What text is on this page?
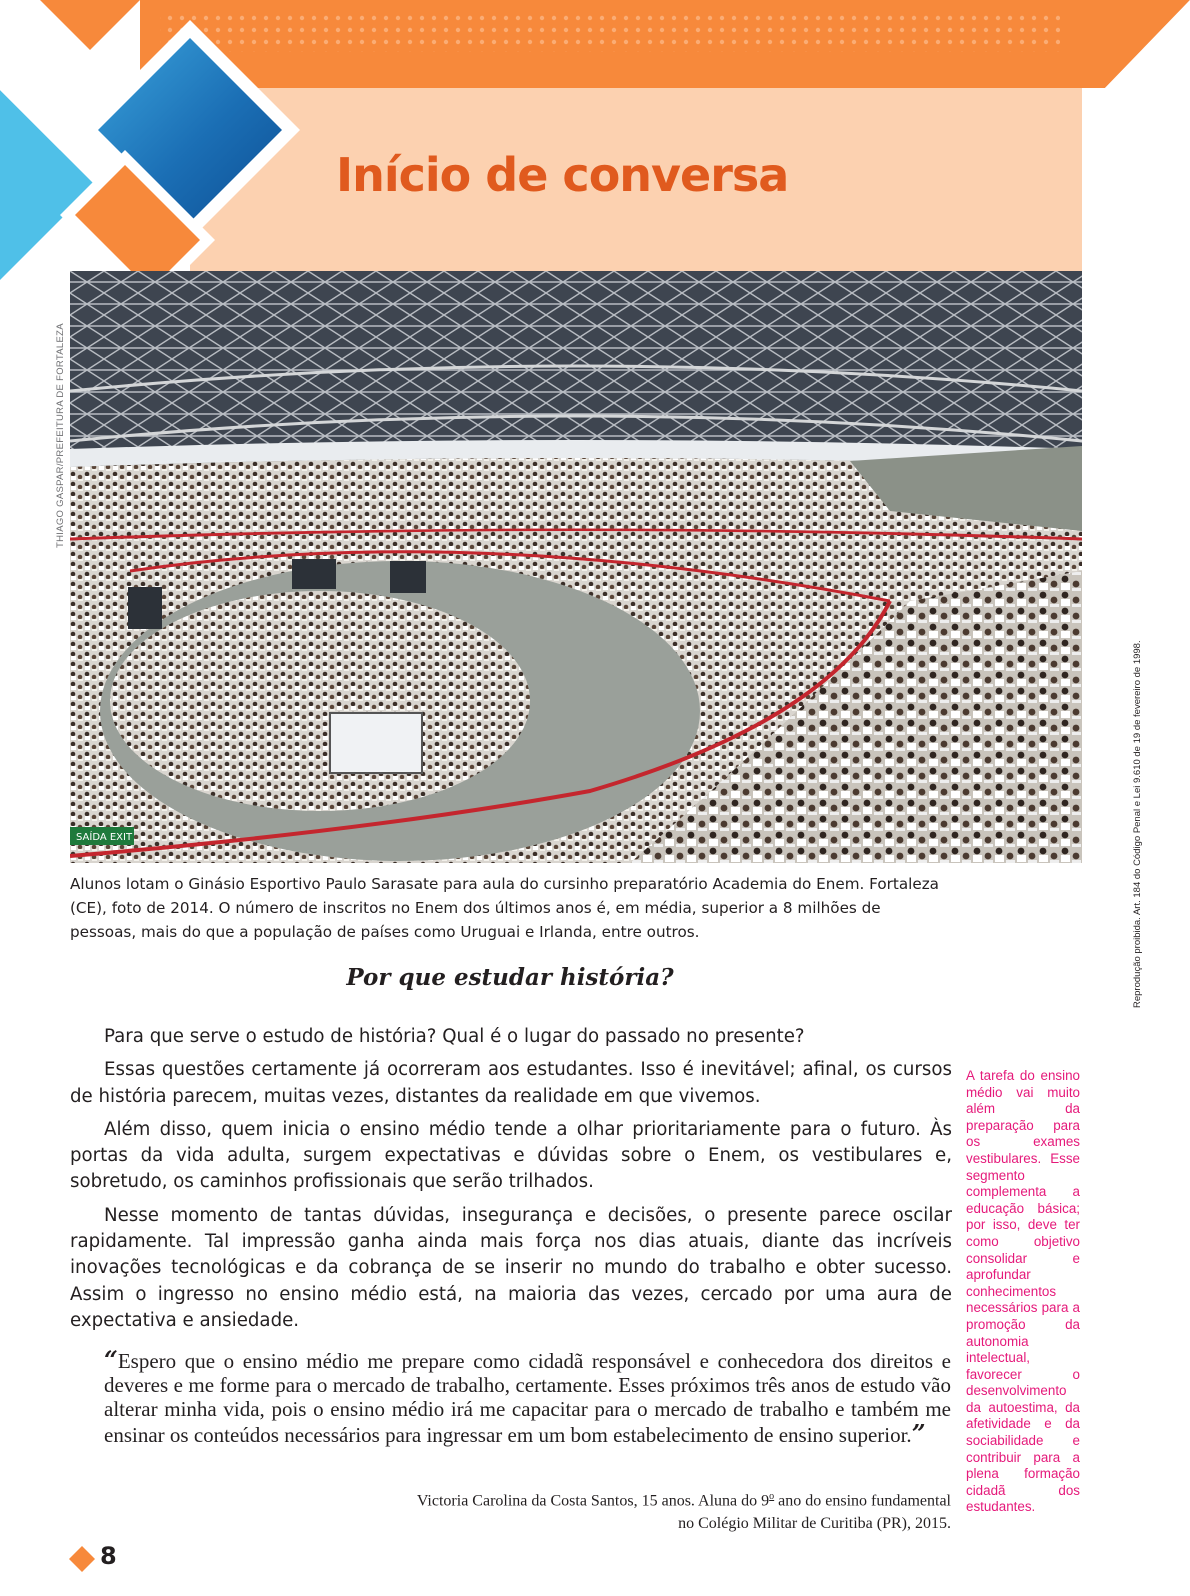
Início de conversa
SAÍDA EXIT
THIAGO GASPAR/PREFEITURA DE FORTALEZA
Reprodução proibida. Art. 184 do Código Penal e Lei 9.610 de 19 de fevereiro de 1998.

Alunos lotam o Ginásio Esportivo Paulo Sarasate para aula do cursinho preparatório Academia do Enem. Fortaleza (CE), foto de 2014. O número de inscritos no Enem dos últimos anos é, em média, superior a 8 milhões de pessoas, mais do que a população de países como Uruguai e Irlanda, entre outros.

Por que estudar história?

Para que serve o estudo de história? Qual é o lugar do passado no presente?

Essas questões certamente já ocorreram aos estudantes. Isso é inevitável; afinal, os cursos de história parecem, muitas vezes, distantes da realidade em que vivemos.

Além disso, quem inicia o ensino médio tende a olhar prioritariamente para o futuro. Às portas da vida adulta, surgem expectativas e dúvidas sobre o Enem, os vestibulares e, sobretudo, os caminhos profissionais que serão trilhados.

Nesse momento de tantas dúvidas, insegurança e decisões, o presente parece oscilar rapidamente. Tal impressão ganha ainda mais força nos dias atuais, diante das incríveis inovações tecnológicas e da cobrança de se inserir no mundo do trabalho e obter sucesso. Assim o ingresso no ensino médio está, na maioria das vezes, cercado por uma aura de expectativa e ansiedade.

“Espero que o ensino médio me prepare como cidadã responsável e conhecedora dos direitos e deveres e me forme para o mercado de trabalho, certamente. Esses próximos três anos de estudo vão alterar minha vida, pois o ensino médio irá me capacitar para o mercado de trabalho e também me ensinar os conteúdos necessários para ingressar em um bom estabelecimento de ensino superior.”

Victoria Carolina da Costa Santos, 15 anos. Aluna do 9$^o$ ano do ensino fundamental
no Colégio Militar de Curitiba (PR), 2015.

A tarefa do ensino médio vai muito além da preparação para os exames vestibulares. Esse segmento complementa a educação básica; por isso, deve ter como objetivo consolidar e aprofundar conhecimentos necessários para a promoção da autonomia intelectual, favorecer o desenvolvimento da autoestima, da afetividade e da sociabilidade e contribuir para a plena formação cidadã dos estudantes.

8
